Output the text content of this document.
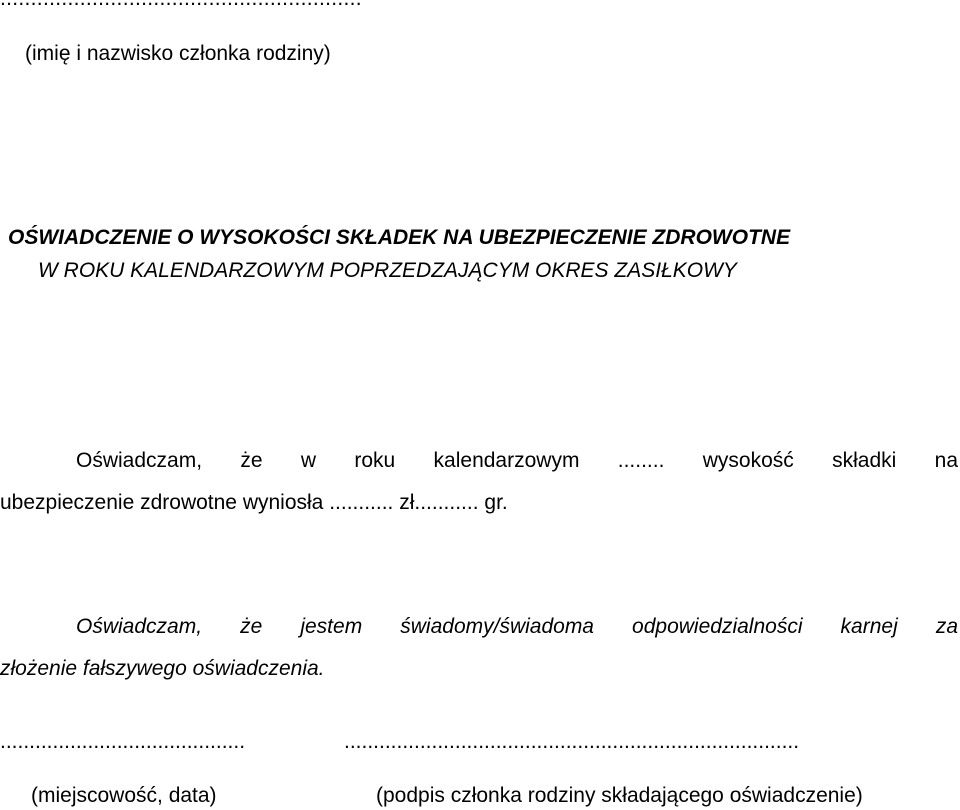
(imię i nazwisko członka rodziny)
OŚWIADCZENIE O WYSOKOŚCI SKŁADEK NA UBEZPIECZENIE ZDROWOTNE
W ROKU KALENDARZOWYM POPRZEDZAJĄCYM OKRES ZASIŁKOWY
Oświadczam, że w roku kalendarzowym ........ wysokość składki na
ubezpieczenie zdrowotne wyniosła ........... zł........... gr.
Oświadczam, że jestem świadomy/świadoma odpowiedzialności karnej za
złożenie fałszywego oświadczenia.
..........................................	..............................................................................
(miejscowość, data)	(podpis członka rodziny składającego oświadczenie)
